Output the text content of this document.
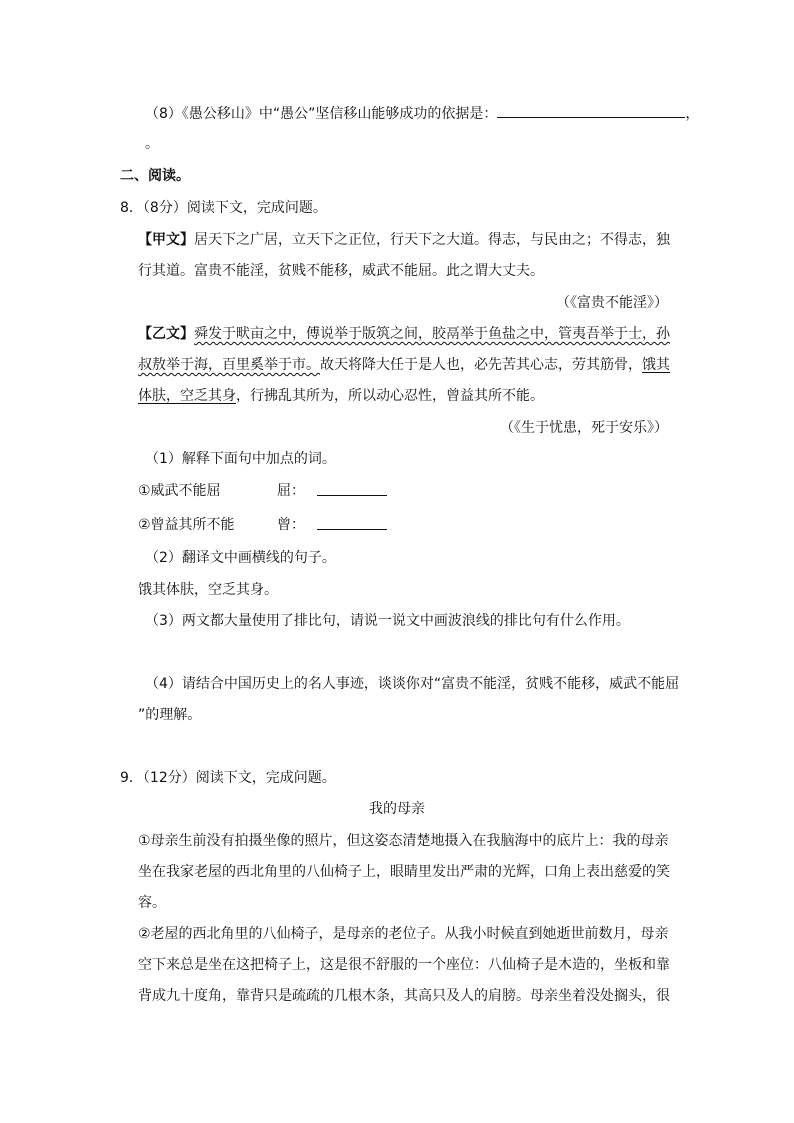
（8）《愚公移山》中“愚公”坚信移山能够成功的依据是：	，
。
二、阅读。
8．（8分）阅读下文，完成问题。
【甲文】居天下之广居，立天下之正位，行天下之大道。得志，与民由之；不得志，独
行其道。富贵不能淫，贫贱不能移，威武不能屈。此之谓大丈夫。
（《富贵不能淫》）
【乙文】舜发于畎亩之中，傅说举于版筑之间，胶鬲举于鱼盐之中，管夷吾举于士，孙
叔敖举于海，百里奚举于市。故天将降大任于是人也，必先苦其心志，劳其筋骨，饿其
体肤，空乏其身，行拂乱其所为，所以动心忍性，曾益其所不能。
（《生于忧患，死于安乐》）
（1）解释下面句中加点的词。
①威武不能屈	屈：
②曾益其所不能	曾：
（2）翻译文中画横线的句子。
饿其体肤，空乏其身。
（3）两文都大量使用了排比句，请说一说文中画波浪线的排比句有什么作用。
（4）请结合中国历史上的名人事迹，谈谈你对“富贵不能淫，贫贱不能移，威武不能屈
”的理解。
9．（12分）阅读下文，完成问题。
我的母亲
①母亲生前没有拍摄坐像的照片，但这姿态清楚地摄入在我脑海中的底片上：我的母亲
坐在我家老屋的西北角里的八仙椅子上，眼睛里发出严肃的光辉，口角上表出慈爱的笑
容。
②老屋的西北角里的八仙椅子，是母亲的老位子。从我小时候直到她逝世前数月，母亲
空下来总是坐在这把椅子上，这是很不舒服的一个座位：八仙椅子是木造的，坐板和靠
背成九十度角，靠背只是疏疏的几根木条，其高只及人的肩膀。母亲坐着没处搁头，很
